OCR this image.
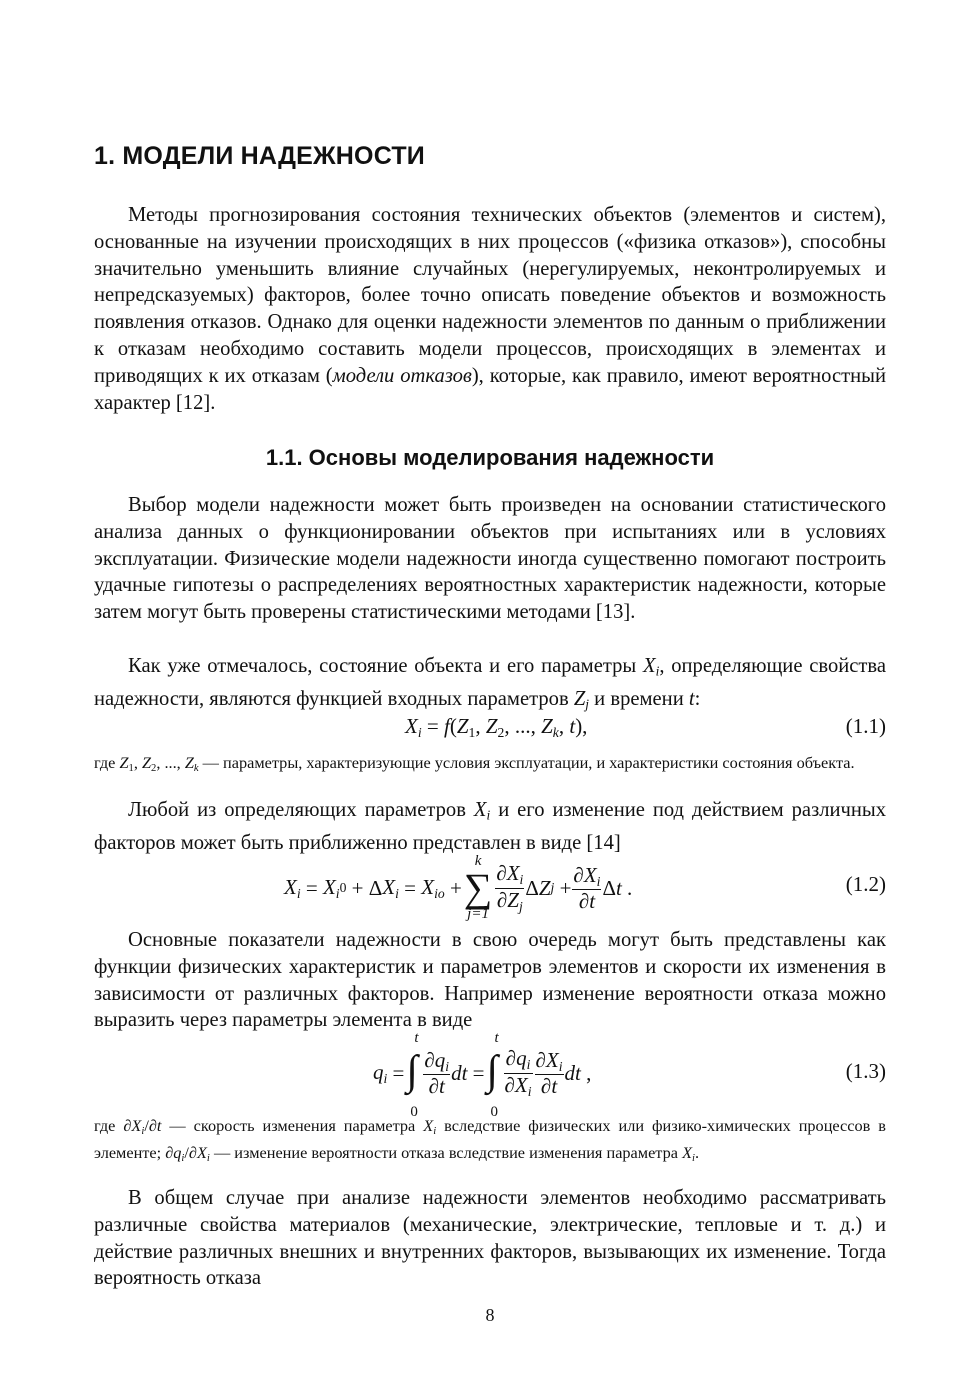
1. МОДЕЛИ НАДЕЖНОСТИ

Методы прогнозирования состояния технических объектов (элементов и систем), основанные на изучении происходящих в них процессов («физика отказов»), способны значительно уменьшить влияние случайных (нерегулируемых, неконтролируемых и непредсказуемых) факторов, более точно описать поведение объектов и возможность появления отказов. Однако для оценки надежности элементов по данным о приближении к отказам необходимо составить модели процессов, происходящих в элементах и приводящих к их отказам (модели отказов), которые, как правило, имеют вероятностный характер [12].

1.1. Основы моделирования надежности

Выбор модели надежности может быть произведен на основании статистического анализа данных о функционировании объектов при испытаниях или в условиях эксплуатации. Физические модели надежности иногда существенно помогают построить удачные гипотезы о распределениях вероятностных характеристик надежности, которые затем могут быть проверены статистическими методами [13].

Как уже отмечалось, состояние объекта и его параметры $X_i$, определяющие свойства надежности, являются функцией входных параметров $Z_j$ и времени t:

$X_i = f(Z_1$, $Z_2$, ..., $Z_k$, t),	(1.1)

где $Z_1$, $Z_2$, ..., $Z_k$ — параметры, характеризующие условия эксплуатации, и характеристики состояния объекта.

Любой из определяющих параметров $X_i$ и его изменение под действием различных факторов может быть приближенно представлен в виде [14]

$X_i = X_i$ 0 + Δ $X_i = X_{io}$ +
k
∑
j=1
$\frac{\partial X_i}{\partial Z_j}$ Δ Z $j + \frac{\partial X_i}{\partial t}$ Δ t .	(1.2)

Основные показатели надежности в свою очередь могут быть представлены как функции физических характеристик и параметров элементов и скорости их изменения в зависимости от различных факторов. Например изменение вероятности отказа можно выразить через параметры элемента в виде

$q_i$ = ∫
t
0
$\frac{\partial q_i}{\partial t}$ dt = ∫
t
0
$\frac{\partial q_i}{\partial X_i} \frac{\partial X_i}{\partial t}$ dt ,	(1.3)

где $\partial X_i/\partial t$ — скорость изменения параметра $X_i$ вследствие физических или физико-химических процессов в элементе; $\partial q_i/\partial X_i$ — изменение вероятности отказа вследствие изменения параметра $X_i$.

В общем случае при анализе надежности элементов необходимо рассматривать различные свойства материалов (механические, электрические, тепловые и т. д.) и действие различных внешних и внутренних факторов, вызывающих их изменение. Тогда вероятность отказа

8
